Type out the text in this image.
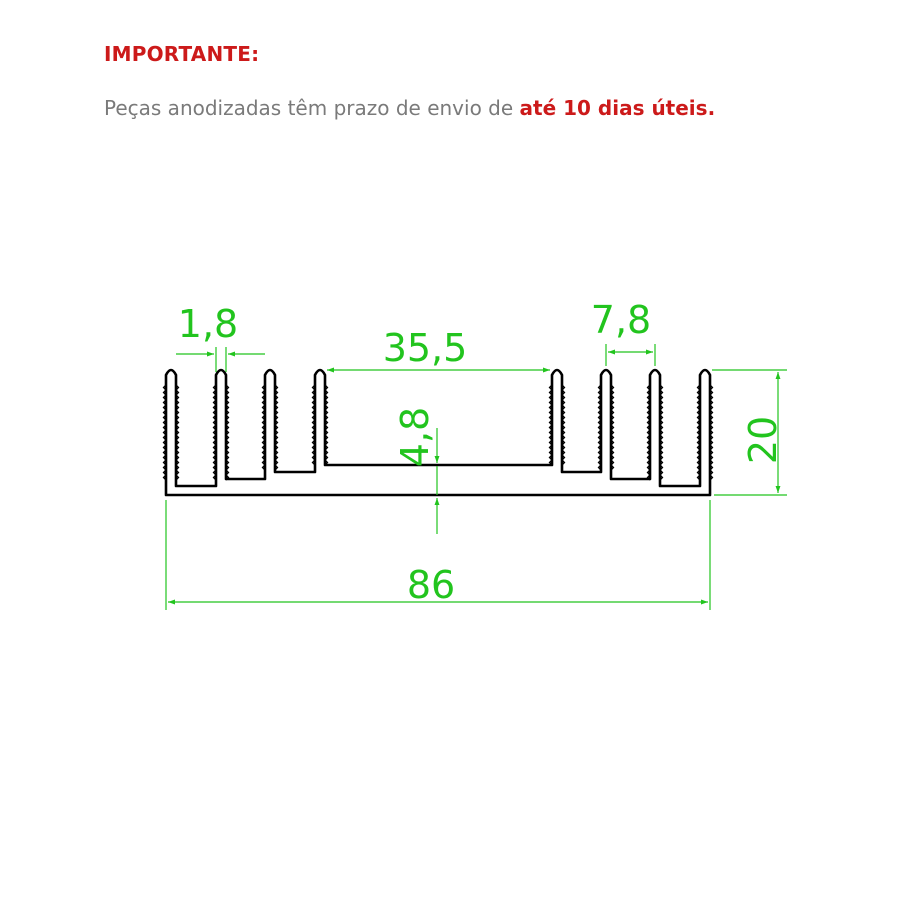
IMPORTANTE:
Peças anodizadas têm prazo de envio de até 10 dias úteis.
1,8
35,5
7,8
20
4,8
86
